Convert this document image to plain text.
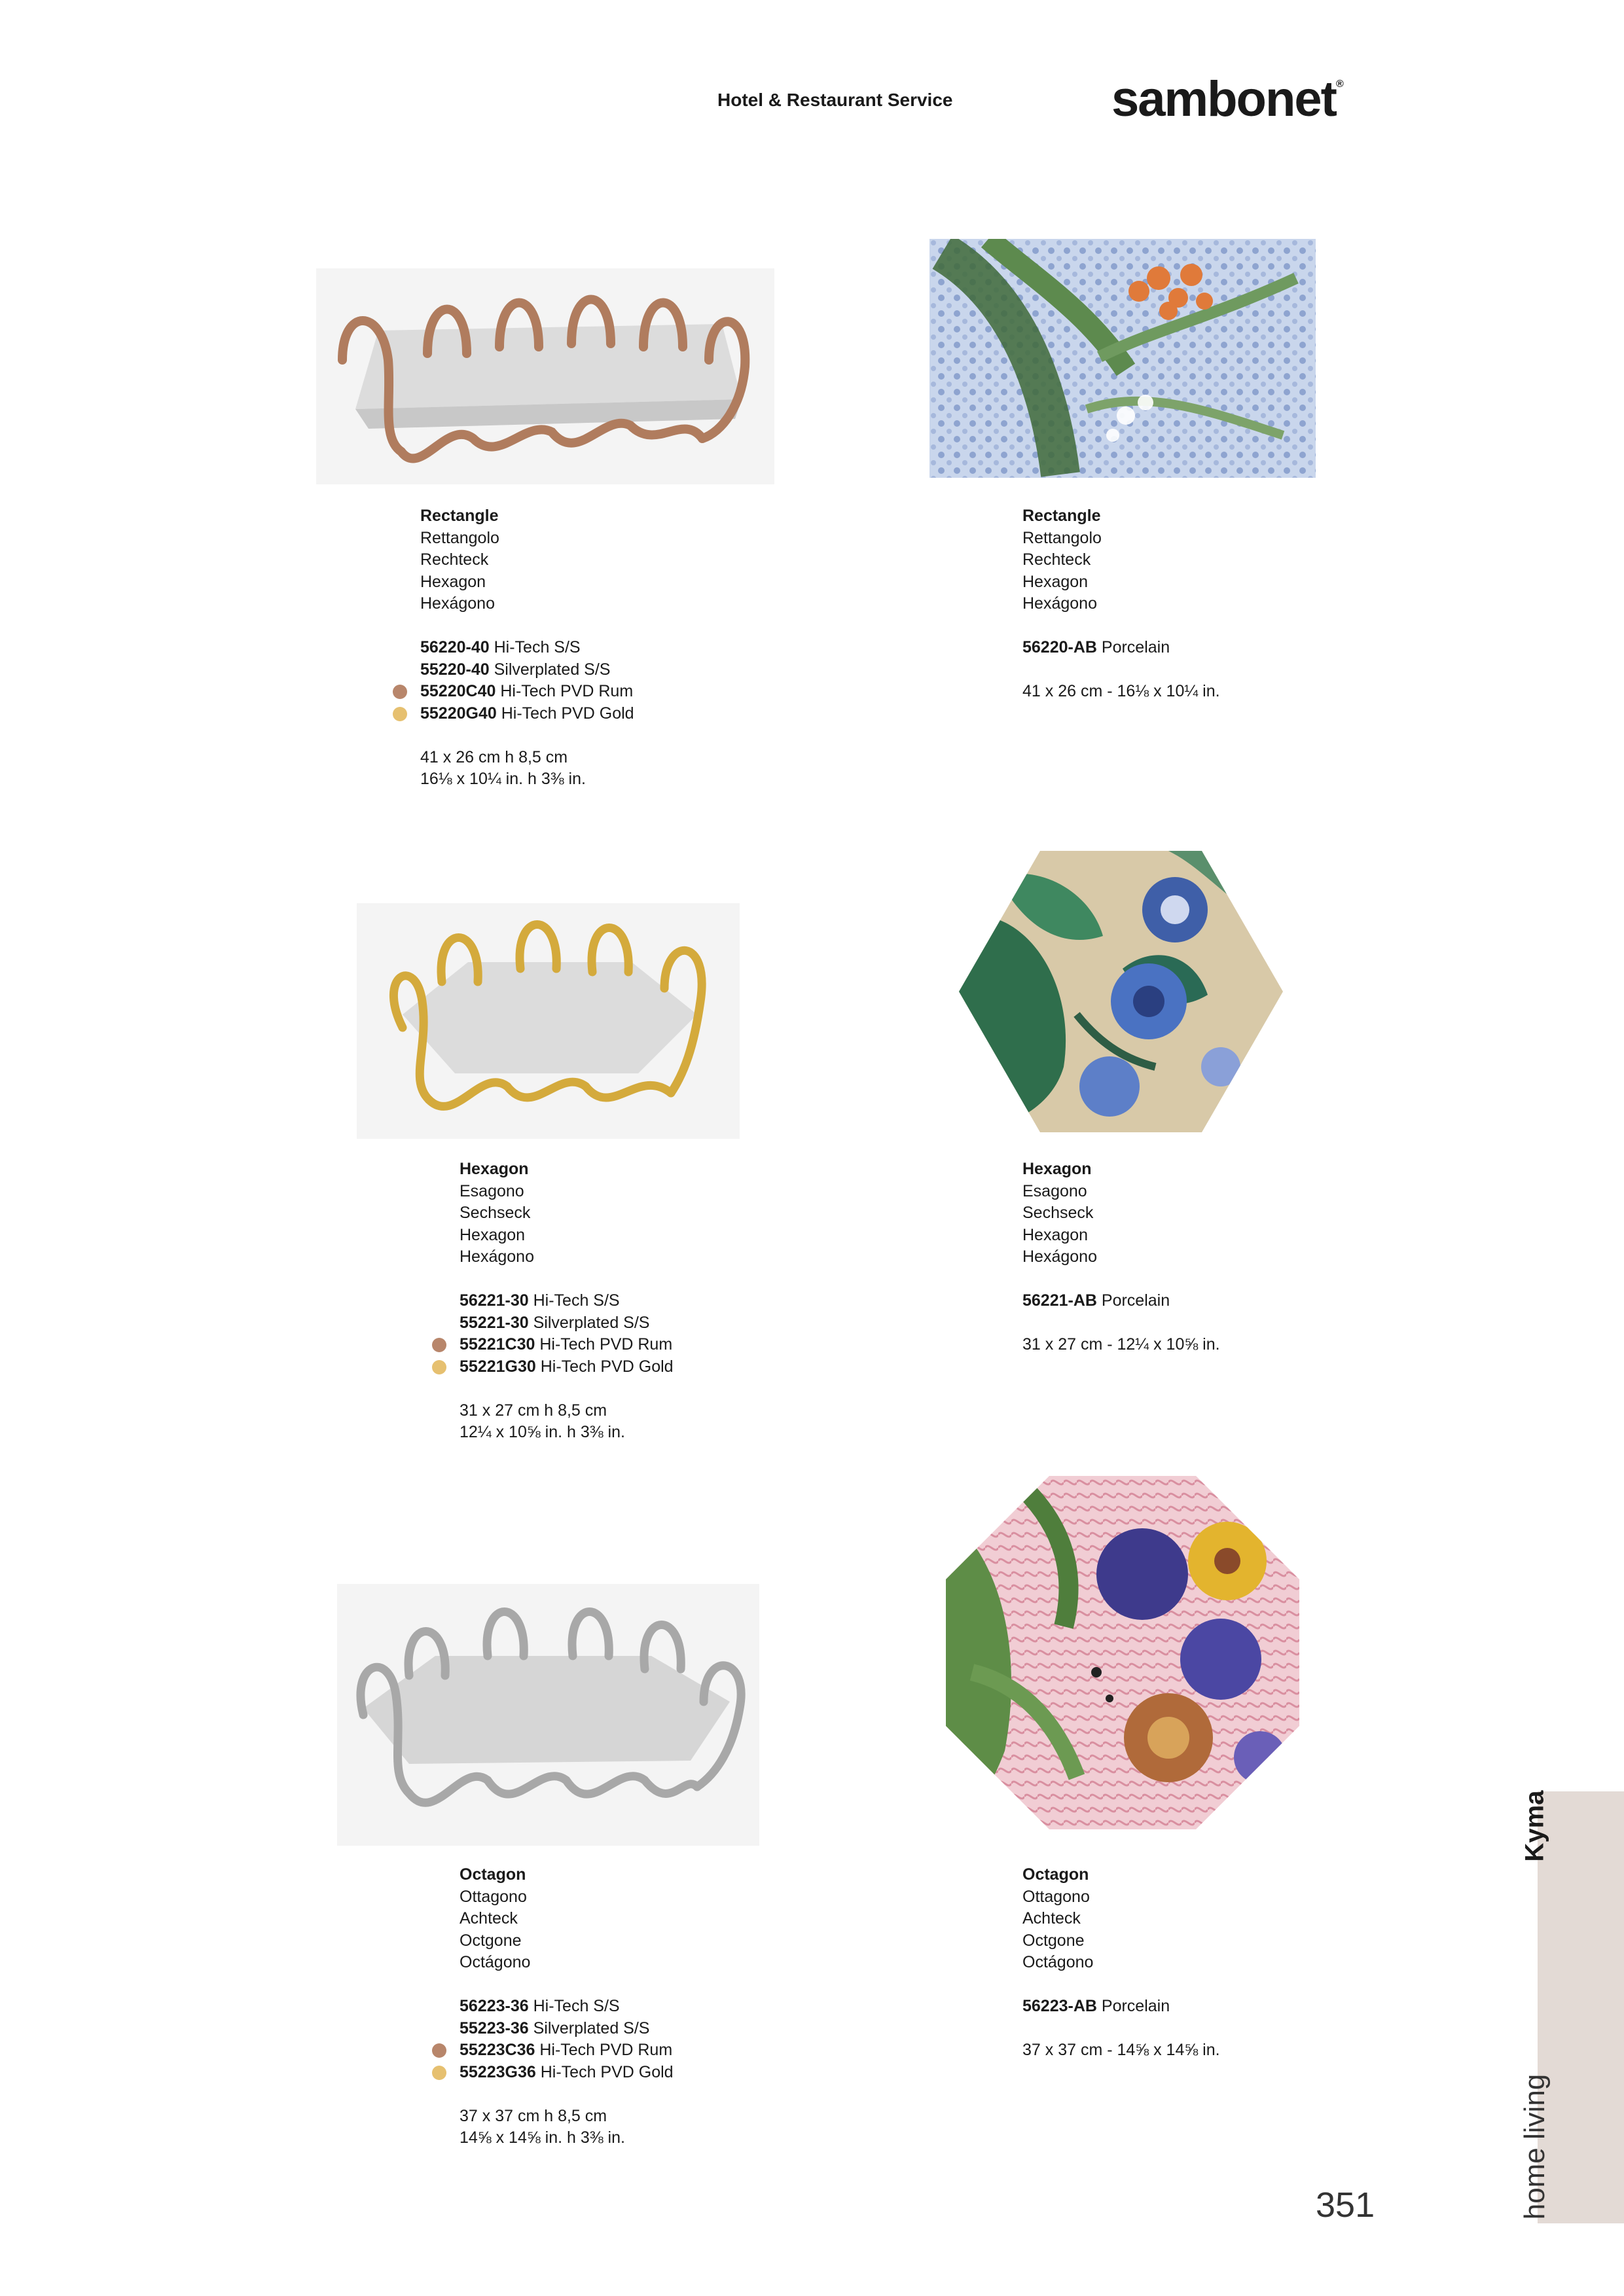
Hotel & Restaurant Service	sambonet®
Rectangle
Rettangolo
Rechteck
Hexagon
Hexágono
56220-40 Hi-Tech S/S
55220-40 Silverplated S/S
55220C40 Hi-Tech PVD Rum
55220G40 Hi-Tech PVD Gold
41 x 26 cm h 8,5 cm
16⅛ x 10¼ in. h 3⅜ in.
Rectangle
Rettangolo
Rechteck
Hexagon
Hexágono
56220-AB Porcelain
41 x 26 cm - 16⅛ x 10¼ in.
Hexagon
Esagono
Sechseck
Hexagon
Hexágono
56221-30 Hi-Tech S/S
55221-30 Silverplated S/S
55221C30 Hi-Tech PVD Rum
55221G30 Hi-Tech PVD Gold
31 x 27 cm h 8,5 cm
12¼ x 10⅝ in. h 3⅜ in.
Hexagon
Esagono
Sechseck
Hexagon
Hexágono
56221-AB Porcelain
31 x 27 cm - 12¼ x 10⅝ in.
Octagon
Ottagono
Achteck
Octgone
Octágono
56223-36 Hi-Tech S/S
55223-36 Silverplated S/S
55223C36 Hi-Tech PVD Rum
55223G36 Hi-Tech PVD Gold
37 x 37 cm h 8,5 cm
14⅝ x 14⅝ in. h 3⅜ in.
Octagon
Ottagono
Achteck
Octgone
Octágono
56223-AB Porcelain
37 x 37 cm - 14⅝ x 14⅝ in.
Kyma
home living
351
